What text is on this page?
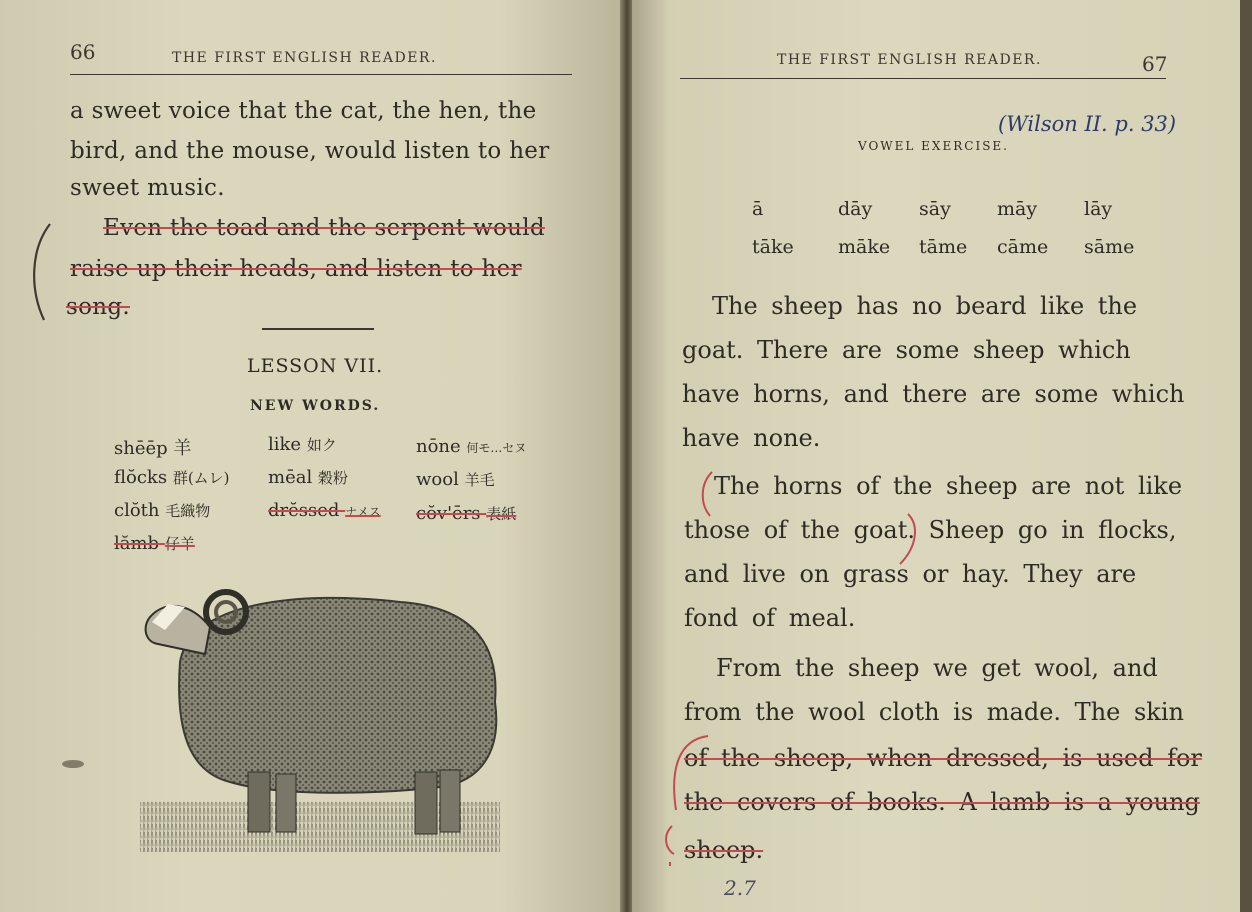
66	THE FIRST ENGLISH READER.
a sweet voice that the cat, the hen, the
bird, and the mouse, would listen to her
sweet music.
Even the toad and the serpent would
raise up their heads, and listen to her
song.
LESSON VII.
NEW WORDS.
shēēp 羊	like 如ク	nōne 何モ…セヌ
flŏcks 群(ムレ) mēal 穀粉	wool 羊毛
clŏth 毛織物	drĕssed ナメス cŏv'ērs 表紙
lămb 仔羊
THE FIRST ENGLISH READER.	67
VOWEL EXERCISE.
(Wilson II. p. 33)
ā	dāy sāy māy lāy
tāke māke tāme cāme sāme
The sheep has no beard like the
goat. There are some sheep which
have horns, and there are some which
have none.
The horns of the sheep are not like
those of the goat. Sheep go in flocks,
and live on grass or hay. They are
fond of meal.
From the sheep we get wool, and
from the wool cloth is made. The skin
of the sheep, when dressed, is used for
the covers of books. A lamb is a young
sheep.
2.7
